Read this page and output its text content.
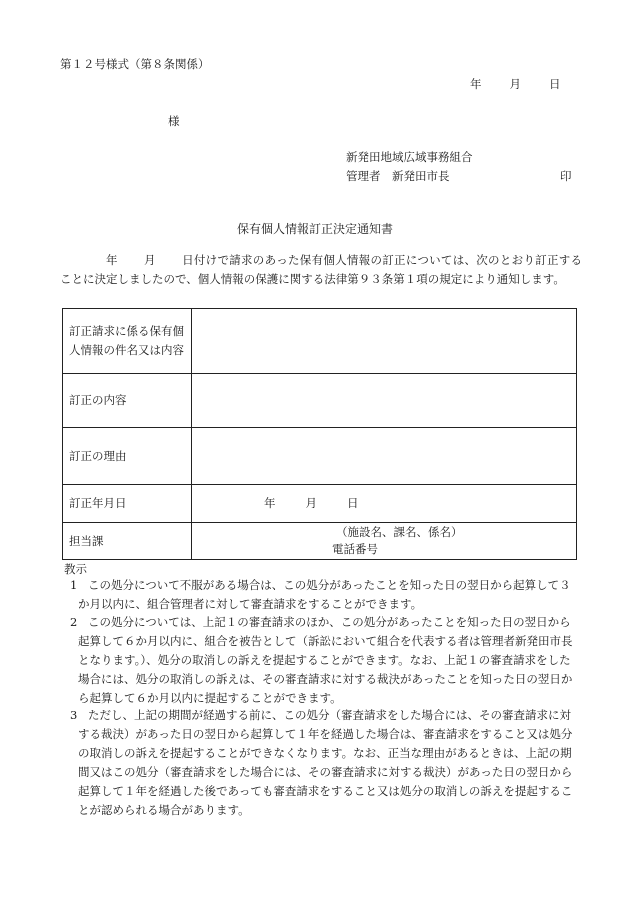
第１２号様式（第８条関係）
年 月 日
様
新発田地域広域事務組合
管理者　新発田市長	印
保有個人情報訂正決定通知書
年 月 日付けで請求のあった保有個人情報の訂正については、次のとおり訂正することに決定しましたので、個人情報の保護に関する法律第９３条第１項の規定により通知します。
訂正請求に係る保有個人情報の件名又は内容	
訂正の内容	
訂正の理由	
訂正年月日	年 月 日
担当課	（施設名、課名、係名）
電話番号
教示
1 この処分について不服がある場合は、この処分があったことを知った日の翌日から起算して３か月以内に、組合管理者に対して審査請求をすることができます。
2 この処分については、上記１の審査請求のほか、この処分があったことを知った日の翌日から起算して６か月以内に、組合を被告として（訴訟において組合を代表する者は管理者新発田市長となります。）、処分の取消しの訴えを提起することができます。なお、上記１の審査請求をした場合には、処分の取消しの訴えは、その審査請求に対する裁決があったことを知った日の翌日から起算して６か月以内に提起することができます。
3 ただし、上記の期間が経過する前に、この処分（審査請求をした場合には、その審査請求に対する裁決）があった日の翌日から起算して１年を経過した場合は、審査請求をすること又は処分の取消しの訴えを提起することができなくなります。なお、正当な理由があるときは、上記の期間又はこの処分（審査請求をした場合には、その審査請求に対する裁決）があった日の翌日から起算して１年を経過した後であっても審査請求をすること又は処分の取消しの訴えを提起することが認められる場合があります。
